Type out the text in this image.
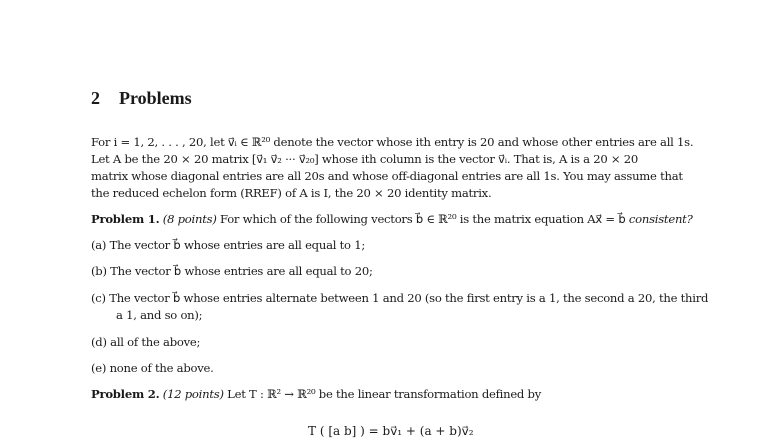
2 Problems
For i = 1, 2, . . . , 20, let v⃗ᵢ ∈ ℝ²⁰ denote the vector whose ith entry is 20 and whose other entries are all 1s.
Let A be the 20 × 20 matrix [v⃗₁ v⃗₂ ··· v⃗₂₀] whose ith column is the vector v⃗ᵢ. That is, A is a 20 × 20
matrix whose diagonal entries are all 20s and whose off-diagonal entries are all 1s. You may assume that
the reduced echelon form (RREF) of A is I, the 20 × 20 identity matrix.
Problem 1. (8 points) For which of the following vectors b⃗ ∈ ℝ²⁰ is the matrix equation Ax⃗ = b⃗ consistent?
(a) The vector b⃗ whose entries are all equal to 1;
(b) The vector b⃗ whose entries are all equal to 20;
(c) The vector b⃗ whose entries alternate between 1 and 20 (so the first entry is a 1, the second a 20, the third
a 1, and so on);
(d) all of the above;
(e) none of the above.
Problem 2. (12 points) Let T : ℝ² → ℝ²⁰ be the linear transformation defined by
T ( [a b] ) = bv⃗₁ + (a + b)v⃗₂
